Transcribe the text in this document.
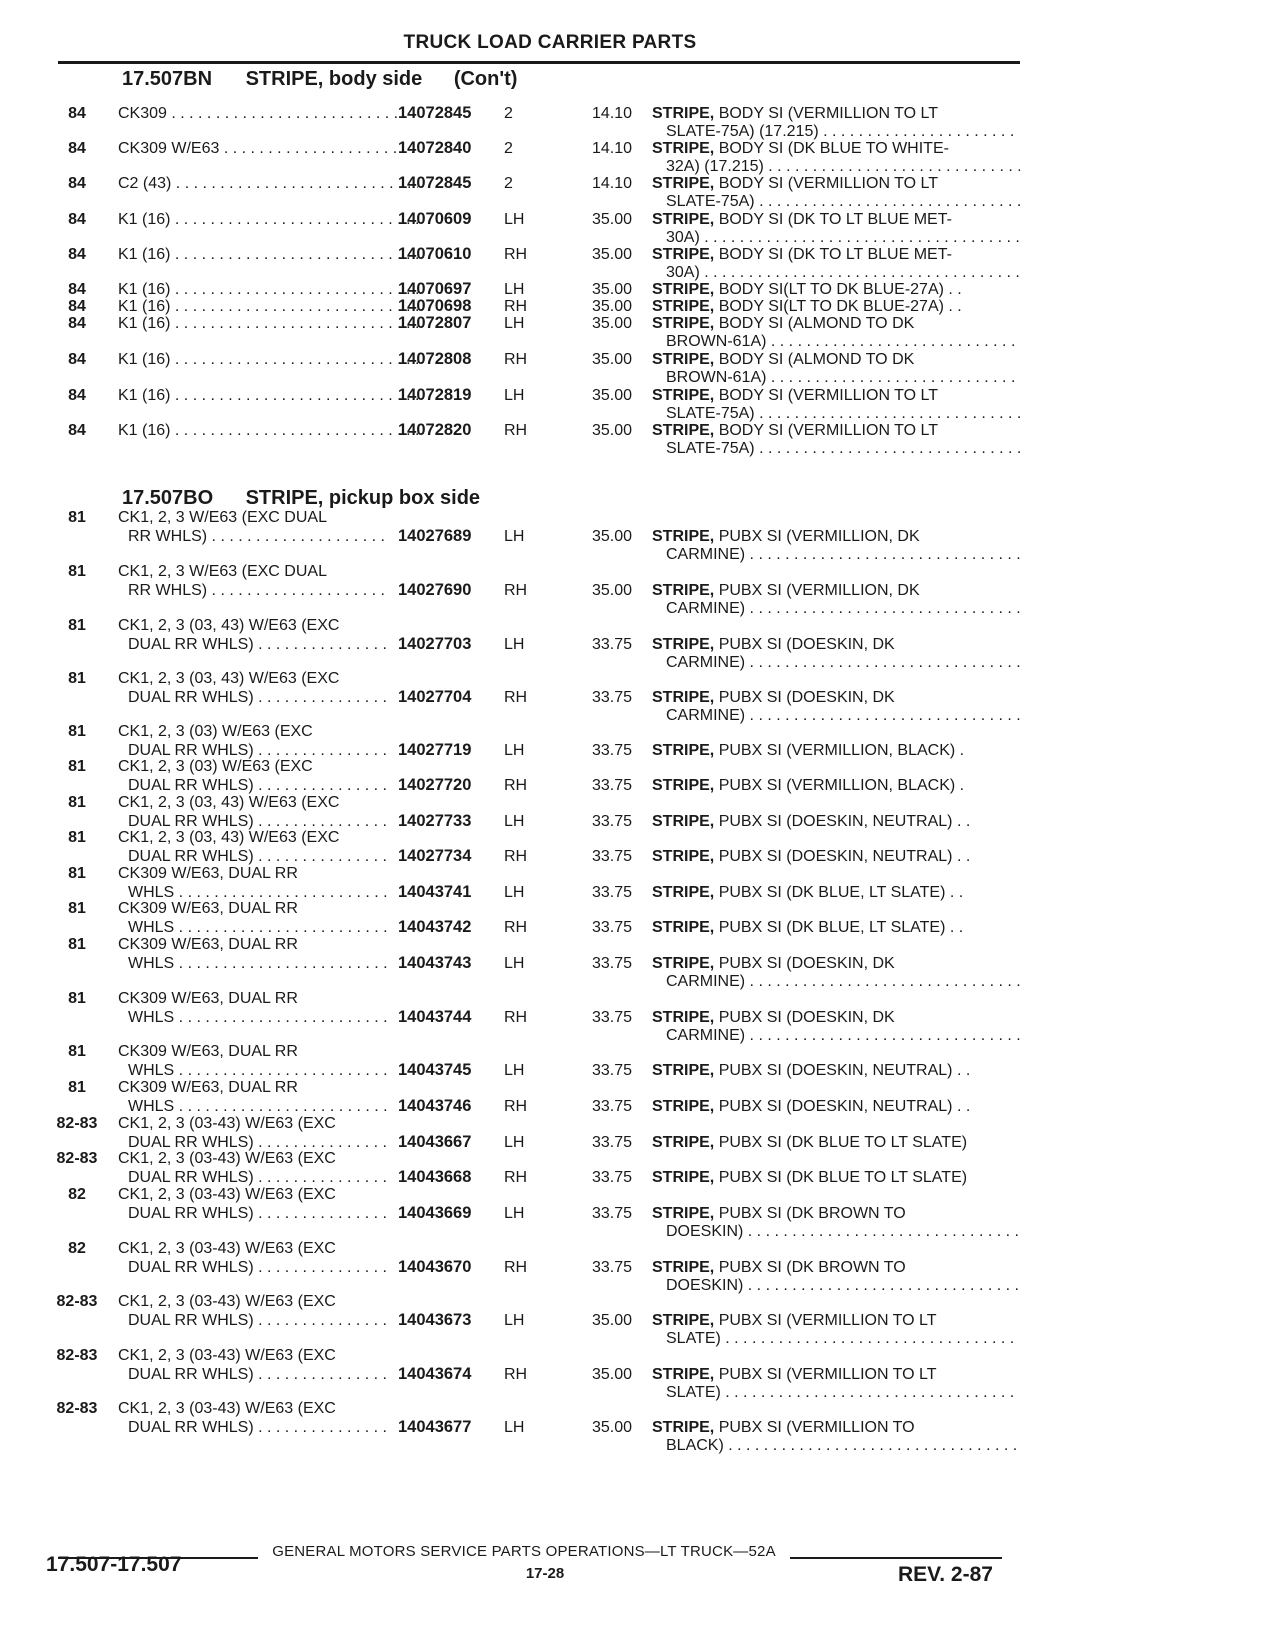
TRUCK LOAD CARRIER PARTS
17.507BN STRIPE, body side (Con't)
17.507BO STRIPE, pickup box side
84	CK309 . . .	14072845	2	14.10 STRIPE, BODY SI (VERMILLION TO LT
SLATE-75A) (17.215) . . .
84	CK309 W/E63 . . .	14072840	2	14.10 STRIPE, BODY SI (DK BLUE TO WHITE-
32A) (17.215) . . .
84	C2 (43) . . .	14072845	2	14.10 STRIPE, BODY SI (VERMILLION TO LT
SLATE-75A) . . .
84	K1 (16) . . .	14070609	LH	35.00 STRIPE, BODY SI (DK TO LT BLUE MET-
30A) . . .
84	K1 (16) . . .	14070610	RH	35.00 STRIPE, BODY SI (DK TO LT BLUE MET-
30A) . . .
84	K1 (16) . . .	14070697	LH	35.00 STRIPE, BODY SI(LT TO DK BLUE-27A) . .
84	K1 (16) . . .	14070698	RH	35.00 STRIPE, BODY SI(LT TO DK BLUE-27A) . .
84	K1 (16) . . .	14072807	LH	35.00 STRIPE, BODY SI (ALMOND TO DK
BROWN-61A) . . .
84	K1 (16) . . .	14072808	RH	35.00 STRIPE, BODY SI (ALMOND TO DK
BROWN-61A) . . .
84	K1 (16) . . .	14072819	LH	35.00 STRIPE, BODY SI (VERMILLION TO LT
SLATE-75A) . . .
84	K1 (16) . . .	14072820	RH	35.00 STRIPE, BODY SI (VERMILLION TO LT
SLATE-75A) . . .
81	CK1, 2, 3 W/E63 (EXC DUAL
RR WHLS) . . .	14027689	LH	35.00 STRIPE, PUBX SI (VERMILLION, DK
CARMINE) . . .
81	CK1, 2, 3 W/E63 (EXC DUAL
RR WHLS) . . .	14027690	RH	35.00 STRIPE, PUBX SI (VERMILLION, DK
CARMINE) . . .
81	CK1, 2, 3 (03, 43) W/E63 (EXC
DUAL RR WHLS) . . .	14027703	LH	33.75 STRIPE, PUBX SI (DOESKIN, DK
CARMINE) . . .
81	CK1, 2, 3 (03, 43) W/E63 (EXC
DUAL RR WHLS) . . .	14027704	RH	33.75 STRIPE, PUBX SI (DOESKIN, DK
CARMINE) . . .
81	CK1, 2, 3 (03) W/E63 (EXC
DUAL RR WHLS) . . .	14027719	LH	33.75 STRIPE, PUBX SI (VERMILLION, BLACK) .
81	CK1, 2, 3 (03) W/E63 (EXC
DUAL RR WHLS) . . .	14027720	RH	33.75 STRIPE, PUBX SI (VERMILLION, BLACK) .
81	CK1, 2, 3 (03, 43) W/E63 (EXC
DUAL RR WHLS) . . .	14027733	LH	33.75 STRIPE, PUBX SI (DOESKIN, NEUTRAL) . .
81	CK1, 2, 3 (03, 43) W/E63 (EXC
DUAL RR WHLS) . . .	14027734	RH	33.75 STRIPE, PUBX SI (DOESKIN, NEUTRAL) . .
81	CK309 W/E63, DUAL RR
WHLS . . .	14043741	LH	33.75 STRIPE, PUBX SI (DK BLUE, LT SLATE) . .
81	CK309 W/E63, DUAL RR
WHLS . . .	14043742	RH	33.75 STRIPE, PUBX SI (DK BLUE, LT SLATE) . .
81	CK309 W/E63, DUAL RR
WHLS . . .	14043743	LH	33.75 STRIPE, PUBX SI (DOESKIN, DK
CARMINE) . . .
81	CK309 W/E63, DUAL RR
WHLS . . .	14043744	RH	33.75 STRIPE, PUBX SI (DOESKIN, DK
CARMINE) . . .
81	CK309 W/E63, DUAL RR
WHLS . . .	14043745	LH	33.75 STRIPE, PUBX SI (DOESKIN, NEUTRAL) . .
81	CK309 W/E63, DUAL RR
WHLS . . .	14043746	RH	33.75 STRIPE, PUBX SI (DOESKIN, NEUTRAL) . .
82-83	CK1, 2, 3 (03-43) W/E63 (EXC
DUAL RR WHLS) . . .	14043667	LH	33.75 STRIPE, PUBX SI (DK BLUE TO LT SLATE)
82-83	CK1, 2, 3 (03-43) W/E63 (EXC
DUAL RR WHLS) . . .	14043668	RH	33.75 STRIPE, PUBX SI (DK BLUE TO LT SLATE)
82	CK1, 2, 3 (03-43) W/E63 (EXC
DUAL RR WHLS) . . .	14043669	LH	33.75 STRIPE, PUBX SI (DK BROWN TO
DOESKIN) . . .
82	CK1, 2, 3 (03-43) W/E63 (EXC
DUAL RR WHLS) . . .	14043670	RH	33.75 STRIPE, PUBX SI (DK BROWN TO
DOESKIN) . . .
82-83	CK1, 2, 3 (03-43) W/E63 (EXC
DUAL RR WHLS) . . .	14043673	LH	35.00 STRIPE, PUBX SI (VERMILLION TO LT
SLATE) . . .
82-83	CK1, 2, 3 (03-43) W/E63 (EXC
DUAL RR WHLS) . . .	14043674	RH	35.00 STRIPE, PUBX SI (VERMILLION TO LT
SLATE) . . .
82-83	CK1, 2, 3 (03-43) W/E63 (EXC
DUAL RR WHLS) . . .	14043677	LH	35.00 STRIPE, PUBX SI (VERMILLION TO
BLACK) . . .
GENERAL MOTORS SERVICE PARTS OPERATIONS—LT TRUCK—52A
17.507-17.507	17-28	REV. 2-87
